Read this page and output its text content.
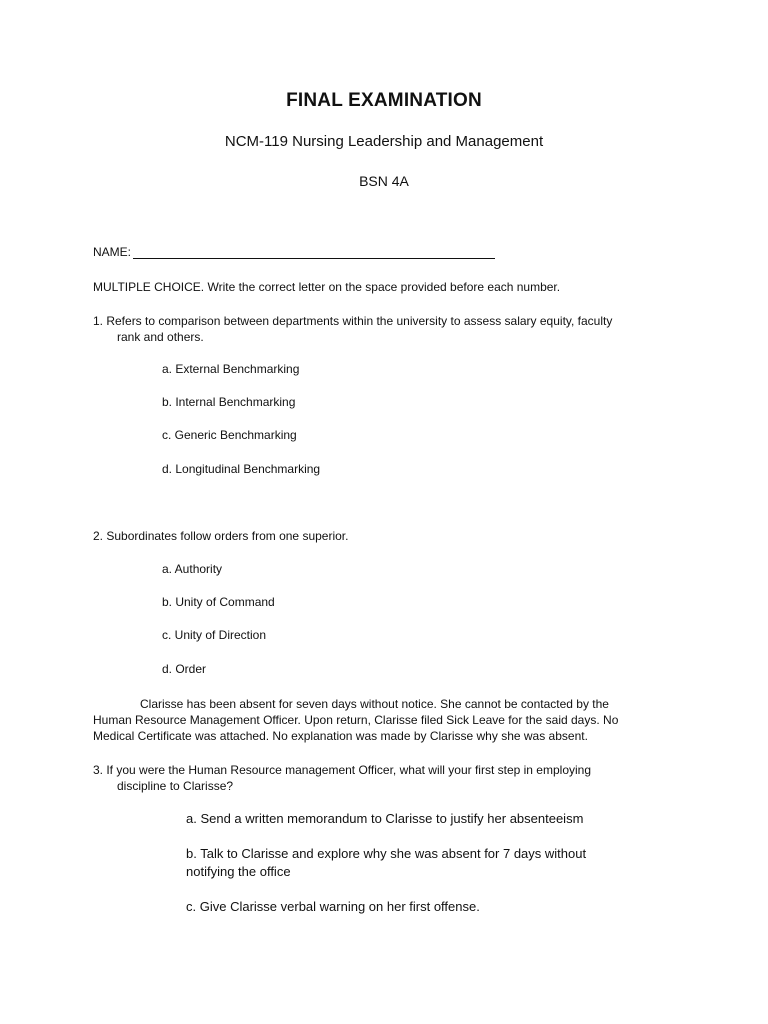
FINAL EXAMINATION
NCM-119 Nursing Leadership and Management
BSN 4A
NAME:
MULTIPLE CHOICE. Write the correct letter on the space provided before each number.
1. Refers to comparison between departments within the university to assess salary equity, faculty
rank and others.
a. External Benchmarking
b. Internal Benchmarking
c. Generic Benchmarking
d. Longitudinal Benchmarking
2. Subordinates follow orders from one superior.
a. Authority
b. Unity of Command
c. Unity of Direction
d. Order
Clarisse has been absent for seven days without notice. She cannot be contacted by the
Human Resource Management Officer. Upon return, Clarisse filed Sick Leave for the said days. No
Medical Certificate was attached. No explanation was made by Clarisse why she was absent.
3. If you were the Human Resource management Officer, what will your first step in employing
discipline to Clarisse?
a. Send a written memorandum to Clarisse to justify her absenteeism
b. Talk to Clarisse and explore why she was absent for 7 days without
notifying the office
c. Give Clarisse verbal warning on her first offense.
